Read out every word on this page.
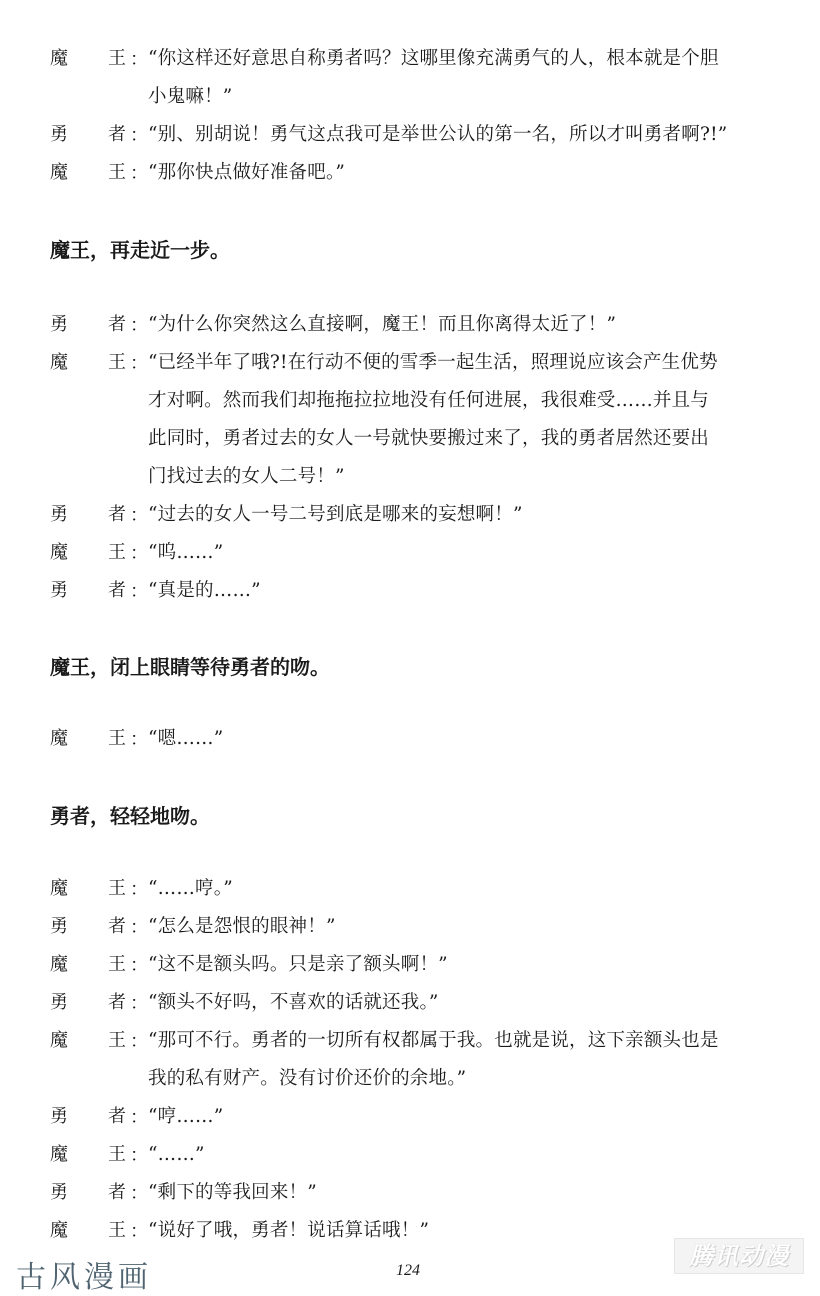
魔	王 ： “你这样还好意思自称勇者吗？这哪里像充满勇气的人，根本就是个胆
小鬼嘛！”
勇	者 ： “别、别胡说！勇气这点我可是举世公认的第一名，所以才叫勇者啊?!”
魔	王 ： “那你快点做好准备吧。”
魔王，再走近一步。
勇	者 ： “为什么你突然这么直接啊，魔王！而且你离得太近了！”
魔	王 ： “已经半年了哦?!在行动不便的雪季一起生活，照理说应该会产生优势
才对啊。然而我们却拖拖拉拉地没有任何进展，我很难受……并且与
此同时，勇者过去的女人一号就快要搬过来了，我的勇者居然还要出
门找过去的女人二号！”
勇	者 ： “过去的女人一号二号到底是哪来的妄想啊！”
魔	王 ： “呜……”
勇	者 ： “真是的……”
魔王，闭上眼睛等待勇者的吻。
魔	王 ： “嗯……”
勇者，轻轻地吻。
魔	王 ： “……哼。”
勇	者 ： “怎么是怨恨的眼神！”
魔	王 ： “这不是额头吗。只是亲了额头啊！”
勇	者 ： “额头不好吗，不喜欢的话就还我。”
魔	王 ： “那可不行。勇者的一切所有权都属于我。也就是说，这下亲额头也是
我的私有财产。没有讨价还价的余地。”
勇	者 ： “哼……”
魔	王 ： “……”
勇	者 ： “剩下的等我回来！”
魔	王 ： “说好了哦，勇者！说话算话哦！”
古风漫画	124
腾讯动漫
